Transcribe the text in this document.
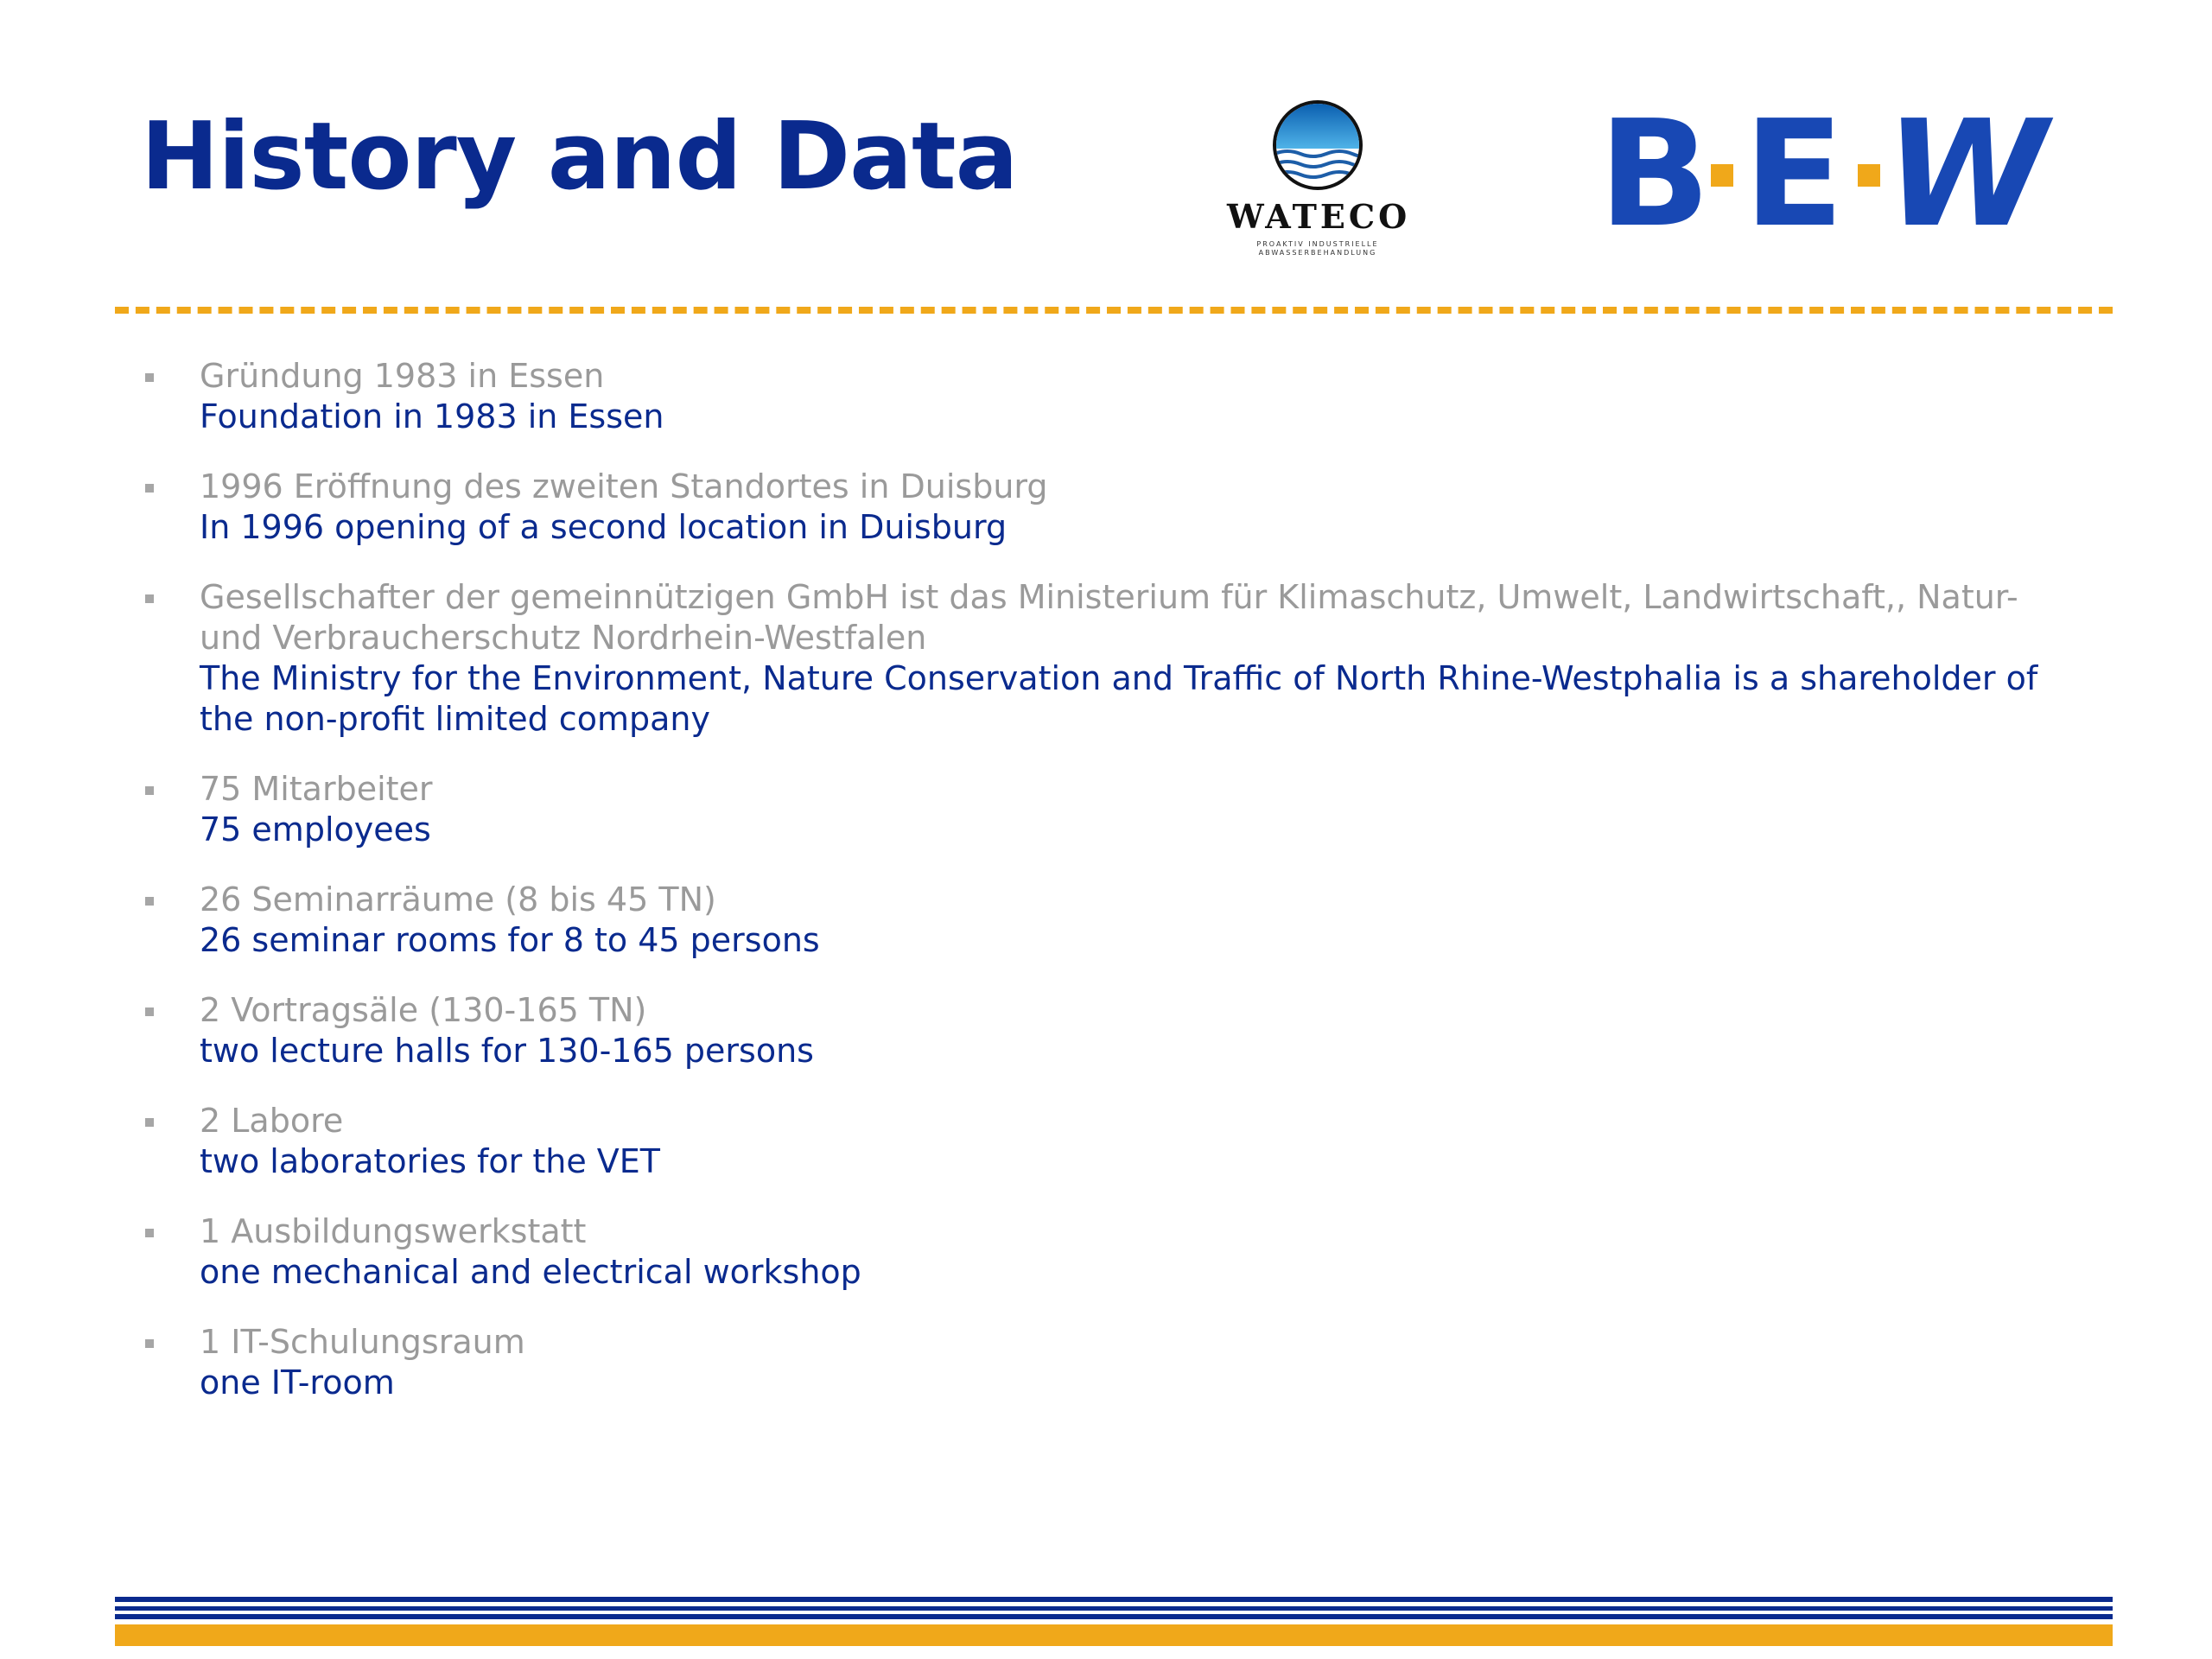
History and Data
WATECO
PROAKTIV INDUSTRIELLE ABWASSERBEHANDLUNG B E W
Gründung 1983 in Essen
Foundation in 1983 in Essen
1996 Eröffnung des zweiten Standortes in Duisburg
In 1996 opening of a second location in Duisburg
Gesellschafter der gemeinnützigen GmbH ist das Ministerium für Klimaschutz, Umwelt, Landwirtschaft,, Natur- und Verbraucherschutz Nordrhein-Westfalen
The Ministry for the Environment, Nature Conservation and Traffic of North Rhine-Westphalia is a shareholder of the non-profit limited company
75 Mitarbeiter
75 employees
26 Seminarräume (8 bis 45 TN)
26 seminar rooms for 8 to 45 persons
2 Vortragsäle (130-165 TN)
two lecture halls for 130-165 persons
2 Labore
two laboratories for the VET
1 Ausbildungswerkstatt
one mechanical and electrical workshop
1 IT-Schulungsraum
one IT-room
